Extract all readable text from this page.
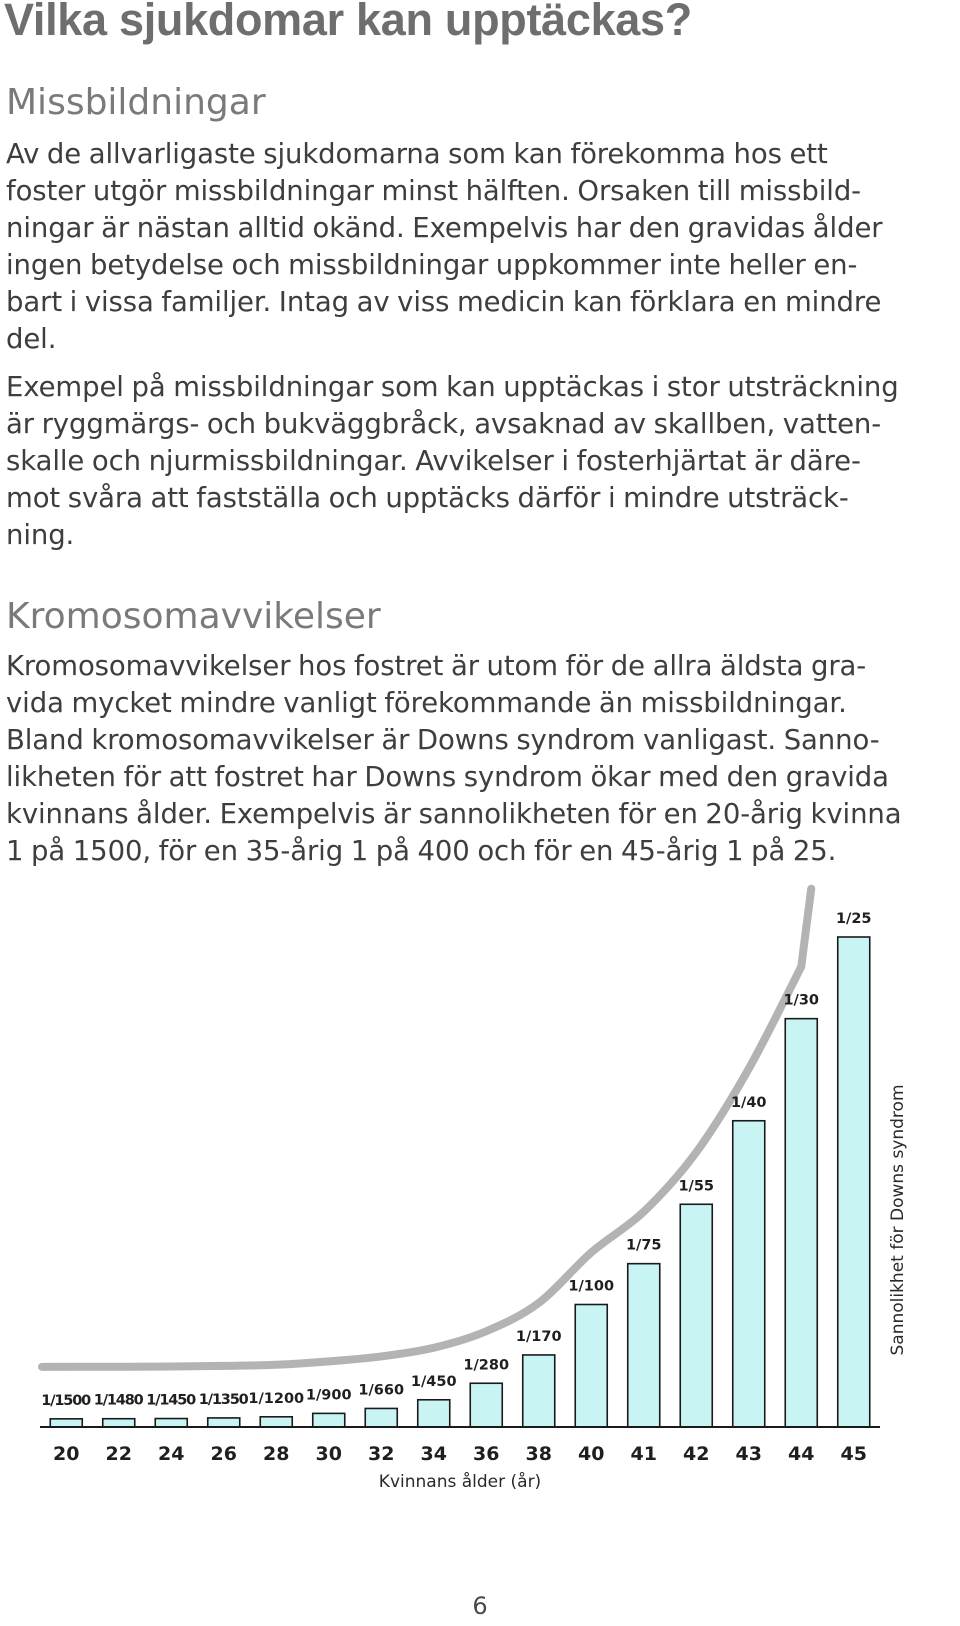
Vilka sjukdomar kan upptäckas?
Missbildningar
Av de allvarligaste sjukdomarna som kan förekomma hos ett
foster utgör missbildningar minst hälften. Orsaken till missbild-
ningar är nästan alltid okänd. Exempelvis har den gravidas ålder
ingen betydelse och missbildningar uppkommer inte heller en-
bart i vissa familjer. Intag av viss medicin kan förklara en mindre
del.
Exempel på missbildningar som kan upptäckas i stor utsträckning
är ryggmärgs- och bukväggbråck, avsaknad av skallben, vatten-
skalle och njurmissbildningar. Avvikelser i fosterhjärtat är däre-
mot svåra att fastställa och upptäcks därför i mindre utsträck-
ning.
Kromosomavvikelser
Kromosomavvikelser hos fostret är utom för de allra äldsta gra-
vida mycket mindre vanligt förekommande än missbildningar.
Bland kromosomavvikelser är Downs syndrom vanligast. Sanno-
likheten för att fostret har Downs syndrom ökar med den gravida
kvinnans ålder. Exempelvis är sannolikheten för en 20-årig kvinna
1 på 1500, för en 35-årig 1 på 400 och för en 45-årig 1 på 25.
1/1500 1/1480 1/1450 1/1350 1/1200 1/900 1/660
1/450
1/280
1/170
1/100
1/75
1/55
1/40
1/30
1/25
20 22 24 26 28 30 32 34 36 38 40 41 42 43 44 45
Kvinnans ålder (år)
Sannolikhet för Downs syndrom
6
